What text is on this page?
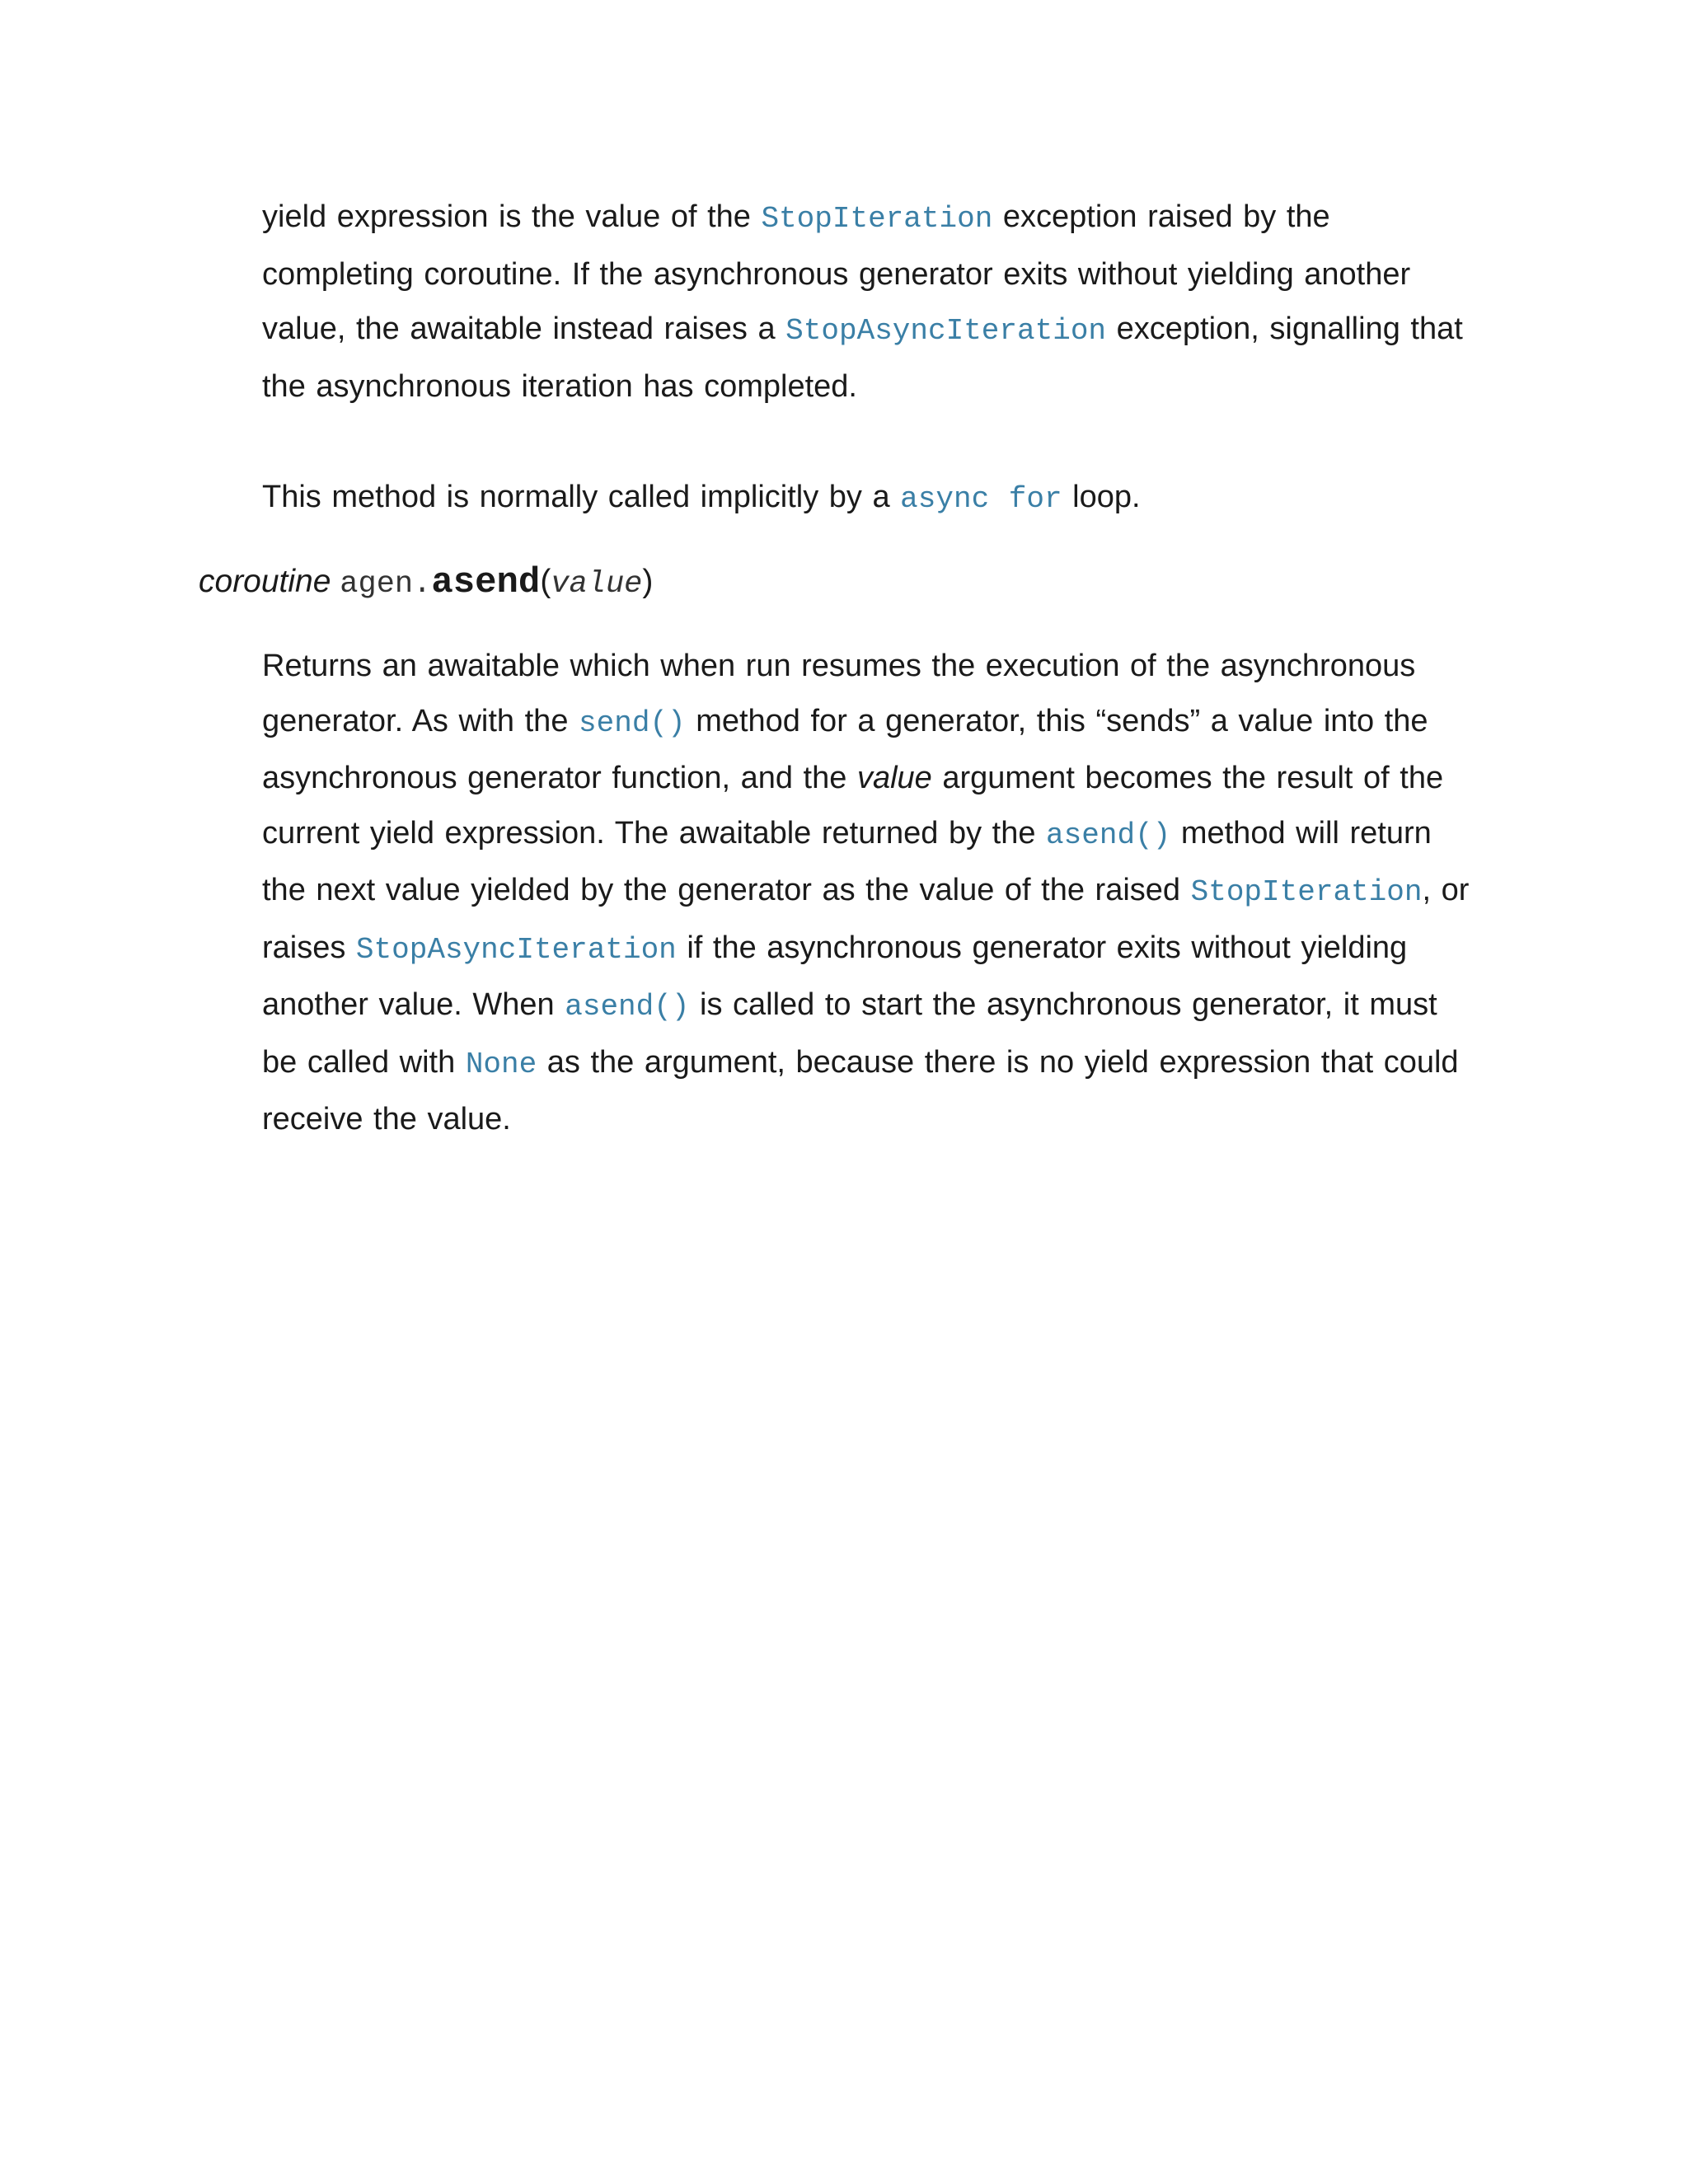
yield expression is the value of the StopIteration exception raised by the completing coroutine. If the asynchronous generator exits without yielding another value, the awaitable instead raises a StopAsyncIteration exception, signalling that the asynchronous iteration has completed.
This method is normally called implicitly by a async for loop.
coroutine agen.asend(value)
Returns an awaitable which when run resumes the execution of the asynchronous generator. As with the send() method for a generator, this “sends” a value into the asynchronous generator function, and the value argument becomes the result of the current yield expression. The awaitable returned by the asend() method will return the next value yielded by the generator as the value of the raised StopIteration, or raises StopAsyncIteration if the asynchronous generator exits without yielding another value. When asend() is called to start the asynchronous generator, it must be called with None as the argument, because there is no yield expression that could receive the value.
